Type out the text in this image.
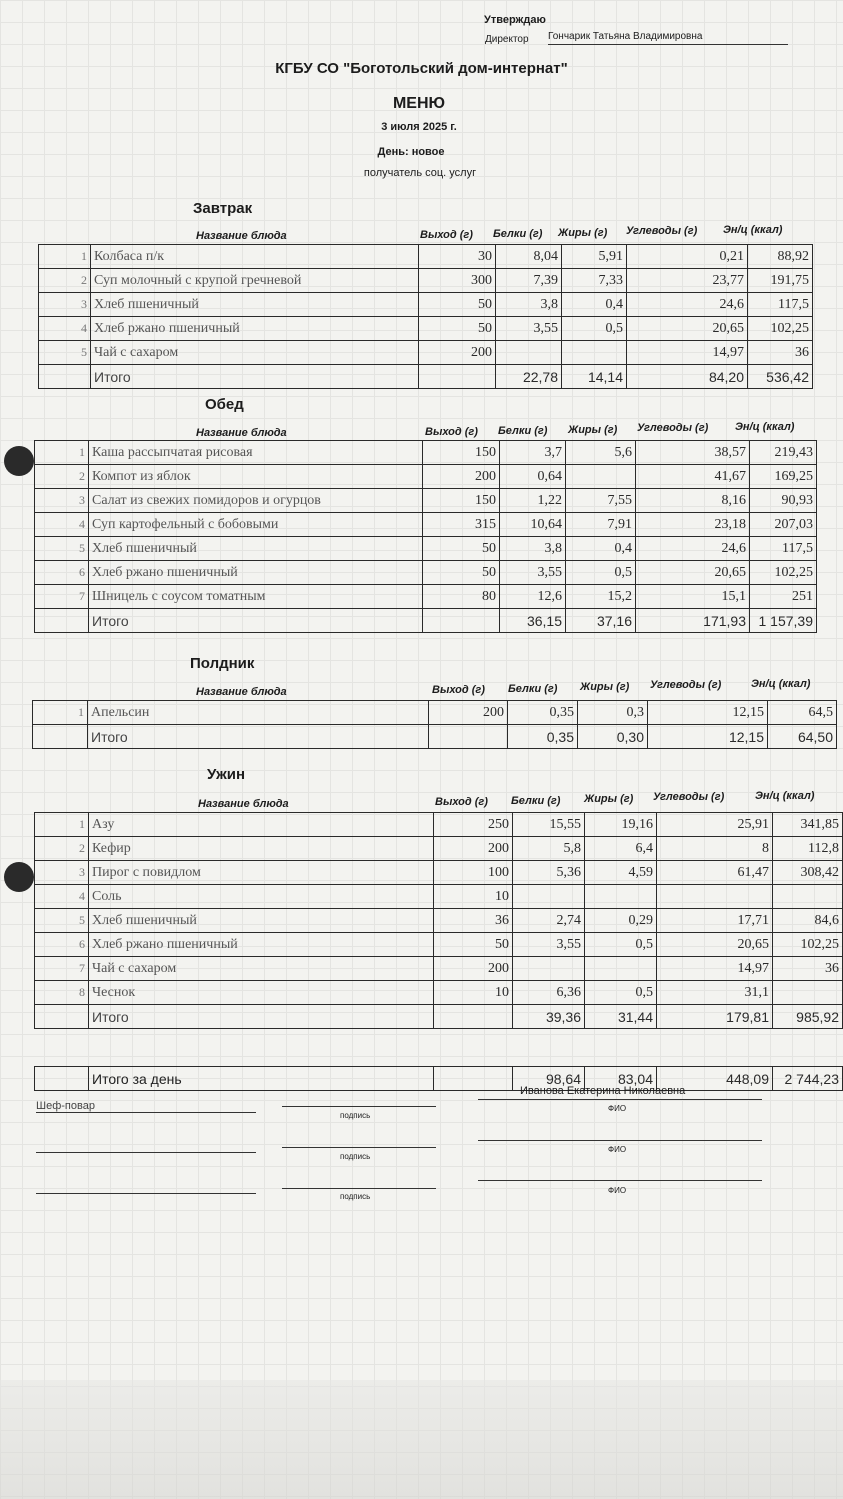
Утверждаю
Директор Гончарик Татьяна Владимировна
КГБУ СО "Боготольский дом-интернат"
МЕНЮ
3 июля 2025 г.
День: новое
получатель соц. услуг
Завтрак
Название блюда	Выход (г) Белки (г) Жиры (г) Углеводы (г) Эн/ц (ккал)
1	Колбаса п/к	30	8,04	5,91	0,21	88,92
2	Суп молочный с крупой гречневой	300	7,39	7,33	23,77	191,75
3	Хлеб пшеничный	50	3,8	0,4	24,6	117,5
4	Хлеб ржано пшеничный	50	3,55	0,5	20,65	102,25
5	Чай с сахаром	200			14,97	36
	Итого		22,78	14,14	84,20	536,42
Обед
Название блюда	Выход (г) Белки (г) Жиры (г) Углеводы (г) Эн/ц (ккал)
1	Каша рассыпчатая рисовая	150	3,7	5,6	38,57	219,43
2	Компот из яблок	200	0,64		41,67	169,25
3	Салат из свежих помидоров и огурцов	150	1,22	7,55	8,16	90,93
4	Суп картофельный с бобовыми	315	10,64	7,91	23,18	207,03
5	Хлеб пшеничный	50	3,8	0,4	24,6	117,5
6	Хлеб ржано пшеничный	50	3,55	0,5	20,65	102,25
7	Шницель с соусом томатным	80	12,6	15,2	15,1	251
	Итого		36,15	37,16	171,93	1 157,39
Полдник
Название блюда	Выход (г) Белки (г) Жиры (г) Углеводы (г)	Эн/ц (ккал)
1	Апельсин	200	0,35	0,3	12,15	64,5
	Итого		0,35	0,30	12,15	64,50
Ужин
Название блюда	Выход (г) Белки (г) Жиры (г) Углеводы (г)	Эн/ц (ккал)
1	Азу	250	15,55	19,16	25,91	341,85
2	Кефир	200	5,8	6,4	8	112,8
3	Пирог с повидлом	100	5,36	4,59	61,47	308,42
4	Соль	10				
5	Хлеб пшеничный	36	2,74	0,29	17,71	84,6
6	Хлеб ржано пшеничный	50	3,55	0,5	20,65	102,25
7	Чай с сахаром	200			14,97	36
8	Чеснок	10	6,36	0,5	31,1	
	Итого		39,36	31,44	179,81	985,92
	Итого за день		98,64	83,04	448,09	2 744,23
Шеф-повар
подпись
Иванова Екатерина Николаевна
ФИО
подпись
ФИО
подпись
ФИО
